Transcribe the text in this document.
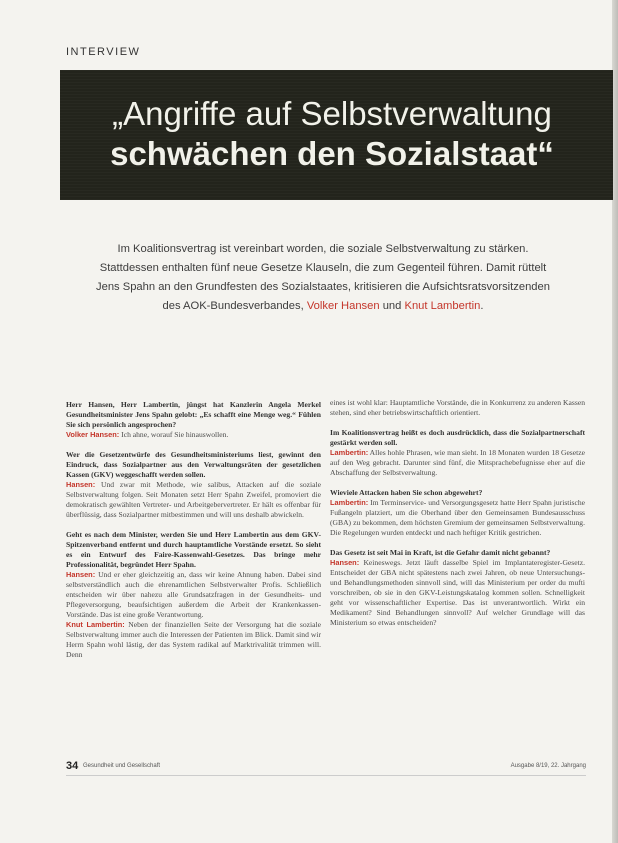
INTERVIEW
„Angriffe auf Selbstverwaltung
schwächen den Sozialstaat“
Im Koalitionsvertrag ist vereinbart worden, die soziale Selbstverwaltung zu stärken. Stattdessen enthalten fünf neue Gesetze Klauseln, die zum Gegenteil führen. Damit rüttelt Jens Spahn an den Grundfesten des Sozialstaates, kritisieren die Aufsichtsratsvorsitzenden des AOK-Bundesverbandes, Volker Hansen und Knut Lambertin.

Herr Hansen, Herr Lambertin, jüngst hat Kanzlerin Angela Merkel Gesundheitsminister Jens Spahn gelobt: „Es schafft eine Menge weg.“ Fühlen Sie sich persönlich angesprochen?
Volker Hansen: Ich ahne, worauf Sie hinauswollen.

Wer die Gesetzentwürfe des Gesundheitsministeriums liest, gewinnt den Eindruck, dass Sozialpartner aus den Verwaltungsräten der gesetzlichen Kassen (GKV) weggeschafft werden sollen.
Hansen: Und zwar mit Methode, wie salibus, Attacken auf die soziale Selbstverwaltung folgen. Seit Monaten setzt Herr Spahn Zweifel, promoviert die demokratisch gewählten Vertreter- und Arbeitgebervertreter. Er hält es offenbar für überflüssig, dass Sozialpartner mitbestimmen und will uns deshalb abwickeln.

Geht es nach dem Minister, werden Sie und Herr Lambertin aus dem GKV-Spitzenverband entfernt und durch hauptamtliche Vorstände ersetzt. So sieht es ein Entwurf des Faire-Kassenwahl-Gesetzes. Das bringe mehr Professionalität, begründet Herr Spahn.
Hansen: Und er eher gleichzeitig an, dass wir keine Ahnung haben. Dabei sind selbstverständlich auch die ehrenamtlichen Selbstverwalter Profis. Schließlich entscheiden wir über nahezu alle Grundsatzfragen in der Gesundheits- und Pflegeversorgung, beaufsichtigen außerdem die Arbeit der Krankenkassen-Vorstände. Das ist eine große Verantwortung.
Knut Lambertin: Neben der finanziellen Seite der Versorgung hat die soziale Selbstverwaltung immer auch die Interessen der Patienten im Blick. Damit sind wir Herrn Spahn wohl lästig, der das System radikal auf Marktrivalität trimmen will. Denn

eines ist wohl klar: Hauptamtliche Vorstände, die in Konkurrenz zu anderen Kassen stehen, sind eher betriebswirtschaftlich orientiert.

Im Koalitionsvertrag heißt es doch ausdrücklich, dass die Sozialpartnerschaft gestärkt werden soll.
Lambertin: Alles hohle Phrasen, wie man sieht. In 18 Monaten wurden 18 Gesetze auf den Weg gebracht. Darunter sind fünf, die Mitsprachebefugnisse eher auf die Abschaffung der Selbstverwaltung.

Wieviele Attacken haben Sie schon abgewehrt?
Lambertin: Im Terminservice- und Versorgungsgesetz hatte Herr Spahn juristische Fußangeln platziert, um die Oberhand über den Gemeinsamen Bundesausschuss (GBA) zu bekommen, dem höchsten Gremium der gemeinsamen Selbstverwaltung. Die Regelungen wurden entdeckt und nach heftiger Kritik gestrichen.

Das Gesetz ist seit Mai in Kraft, ist die Gefahr damit nicht gebannt?
Hansen: Keineswegs. Jetzt läuft dasselbe Spiel im Implantateregister-Gesetz. Entscheidet der GBA nicht spätestens nach zwei Jahren, ob neue Untersuchungs- und Behandlungsmethoden sinnvoll sind, will das Ministerium per order du mufti vorschreiben, ob sie in den GKV-Leistungskatalog kommen sollen. Schnelligkeit geht vor wissenschaftlicher Expertise. Das ist unverantwortlich. Wirkt ein Medikament? Sind Behandlungen sinnvoll? Auf welcher Grundlage will das Ministerium so etwas entscheiden?

34 Gesundheit und Gesellschaft	Ausgabe 8/19, 22. Jahrgang
